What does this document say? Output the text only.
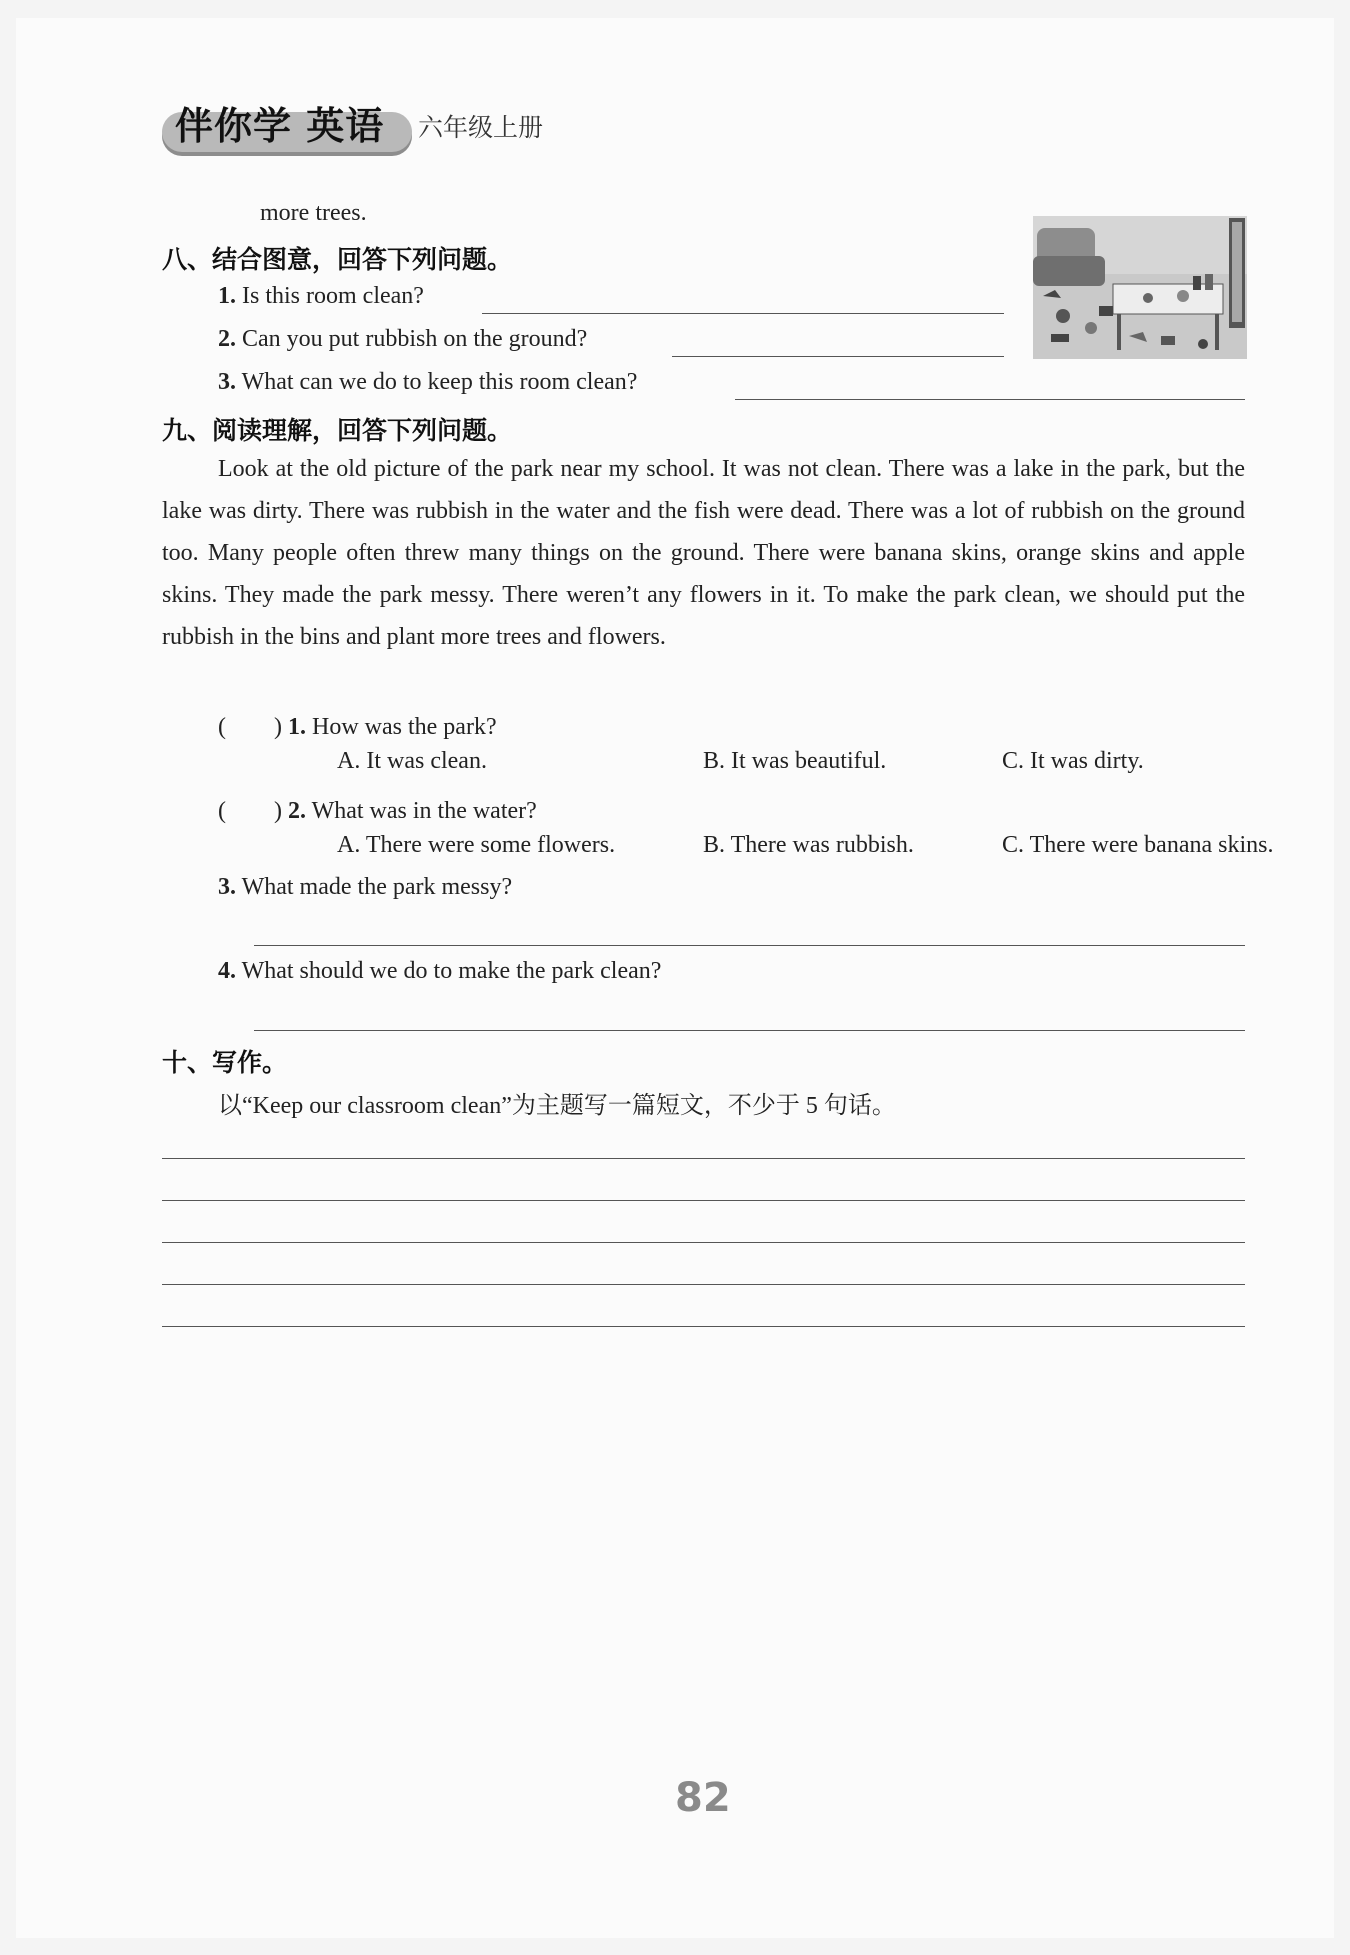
伴你学 英语 六年级上册
more trees.
八、结合图意，回答下列问题。
1. Is this room clean?
2. Can you put rubbish on the ground?
3. What can we do to keep this room clean?
九、阅读理解，回答下列问题。
Look at the old picture of the park near my school. It was not clean. There was a lake in the park, but the lake was dirty. There was rubbish in the water and the fish were dead. There was a lot of rubbish on the ground too. Many people often threw many things on the ground. There were banana skins, orange skins and apple skins. They made the park messy. There weren’t any flowers in it. To make the park clean, we should put the rubbish in the bins and plant more trees and flowers.
(　　) 1. How was the park?
A. It was clean.	B. It was beautiful.	C. It was dirty.
(　　) 2. What was in the water?
A. There were some flowers.	B. There was rubbish.	C. There were banana skins.
3. What made the park messy?
4. What should we do to make the park clean?
十、写作。
以“Keep our classroom clean”为主题写一篇短文，不少于 5 句话。
82
